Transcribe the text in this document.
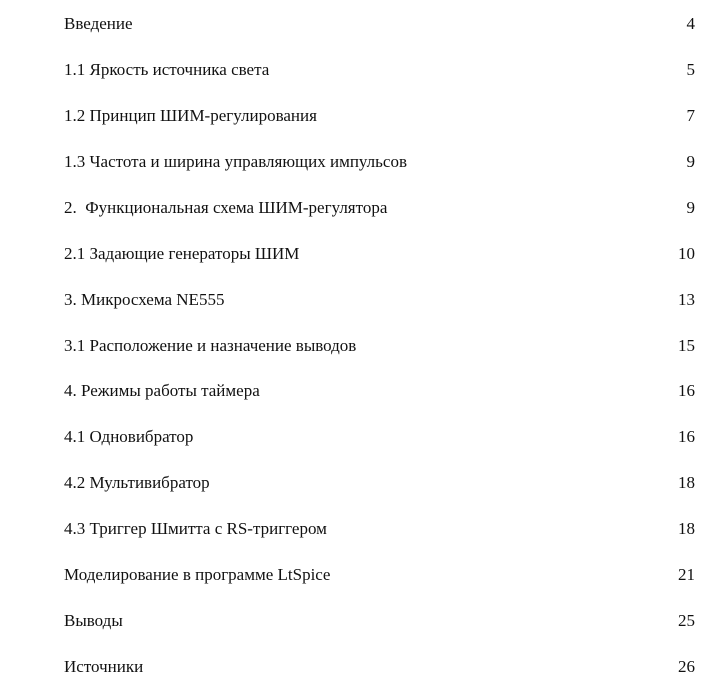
Введение	4
1.1 Яркость источника света	5
1.2 Принцип ШИМ-регулирования	7
1.3 Частота и ширина управляющих импульсов	9
2.  Функциональная схема ШИМ-регулятора	9
2.1 Задающие генераторы ШИМ	10
3. Микросхема NE555	13
3.1 Расположение и назначение выводов	15
4. Режимы работы таймера	16
4.1 Одновибратор	16
4.2 Мультивибратор	18
4.3 Триггер Шмитта с RS-триггером	18
Моделирование в программе LtSpice	21
Выводы	25
Источники	26
